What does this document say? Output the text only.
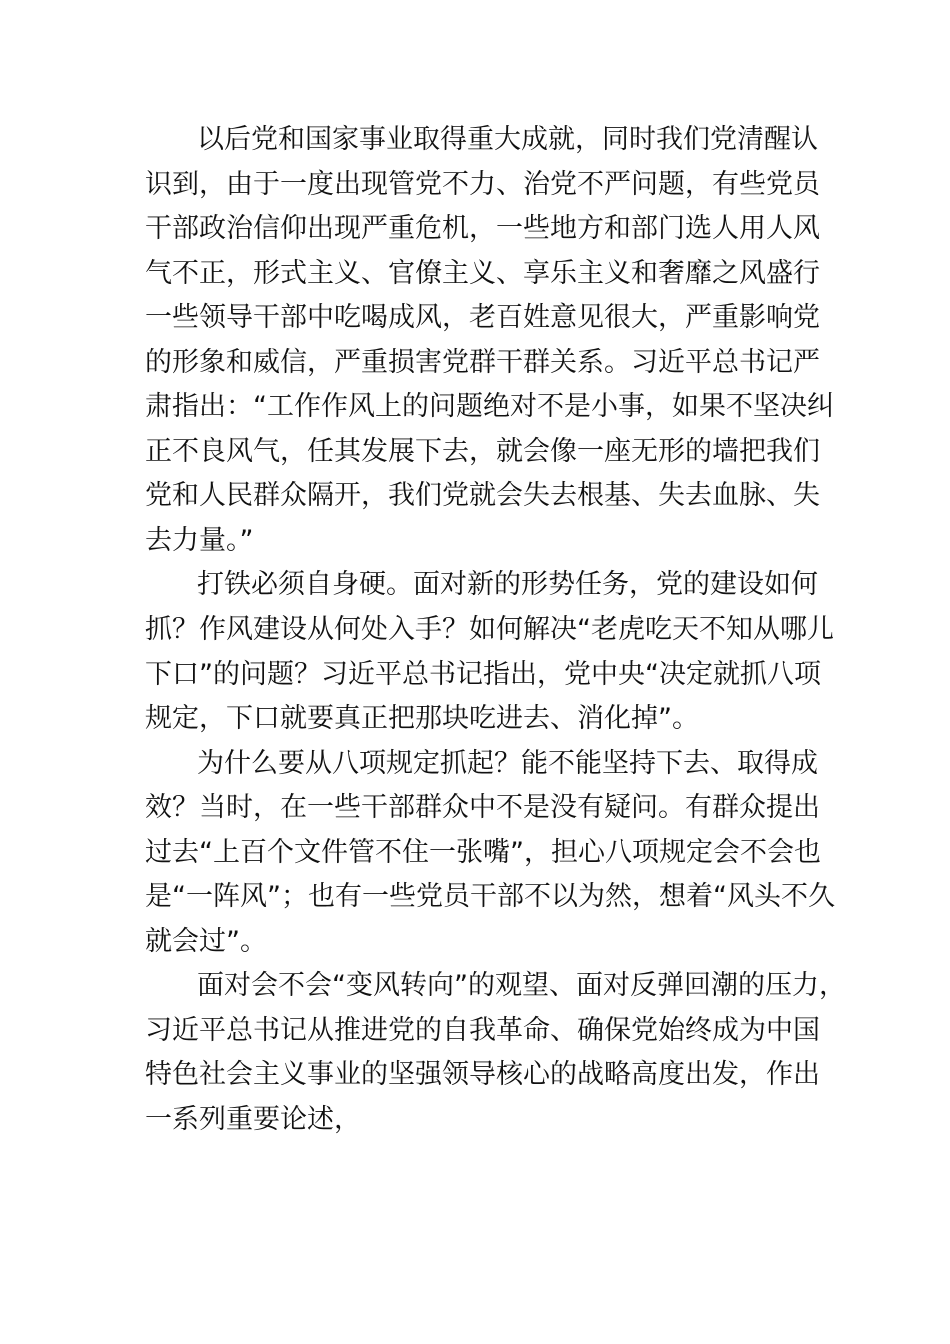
以后党和国家事业取得重大成就，同时我们党清醒认
识到，由于一度出现管党不力、治党不严问题，有些党员
干部政治信仰出现严重危机，一些地方和部门选人用人风
气不正，形式主义、官僚主义、享乐主义和奢靡之风盛行
一些领导干部中吃喝成风，老百姓意见很大，严重影响党
的形象和威信，严重损害党群干群关系。习近平总书记严
肃指出：“工作作风上的问题绝对不是小事，如果不坚决纠
正不良风气，任其发展下去，就会像一座无形的墙把我们
党和人民群众隔开，我们党就会失去根基、失去血脉、失
去力量。”
打铁必须自身硬。面对新的形势任务，党的建设如何
抓？作风建设从何处入手？如何解决“老虎吃天不知从哪儿
下口”的问题？习近平总书记指出，党中央“决定就抓八项
规定，下口就要真正把那块吃进去、消化掉”。
为什么要从八项规定抓起？能不能坚持下去、取得成
效？当时，在一些干部群众中不是没有疑问。有群众提出
过去“上百个文件管不住一张嘴”，担心八项规定会不会也
是“一阵风”；也有一些党员干部不以为然，想着“风头不久
就会过”。
面对会不会“变风转向”的观望、面对反弹回潮的压力，
习近平总书记从推进党的自我革命、确保党始终成为中国
特色社会主义事业的坚强领导核心的战略高度出发，作出
一系列重要论述，
